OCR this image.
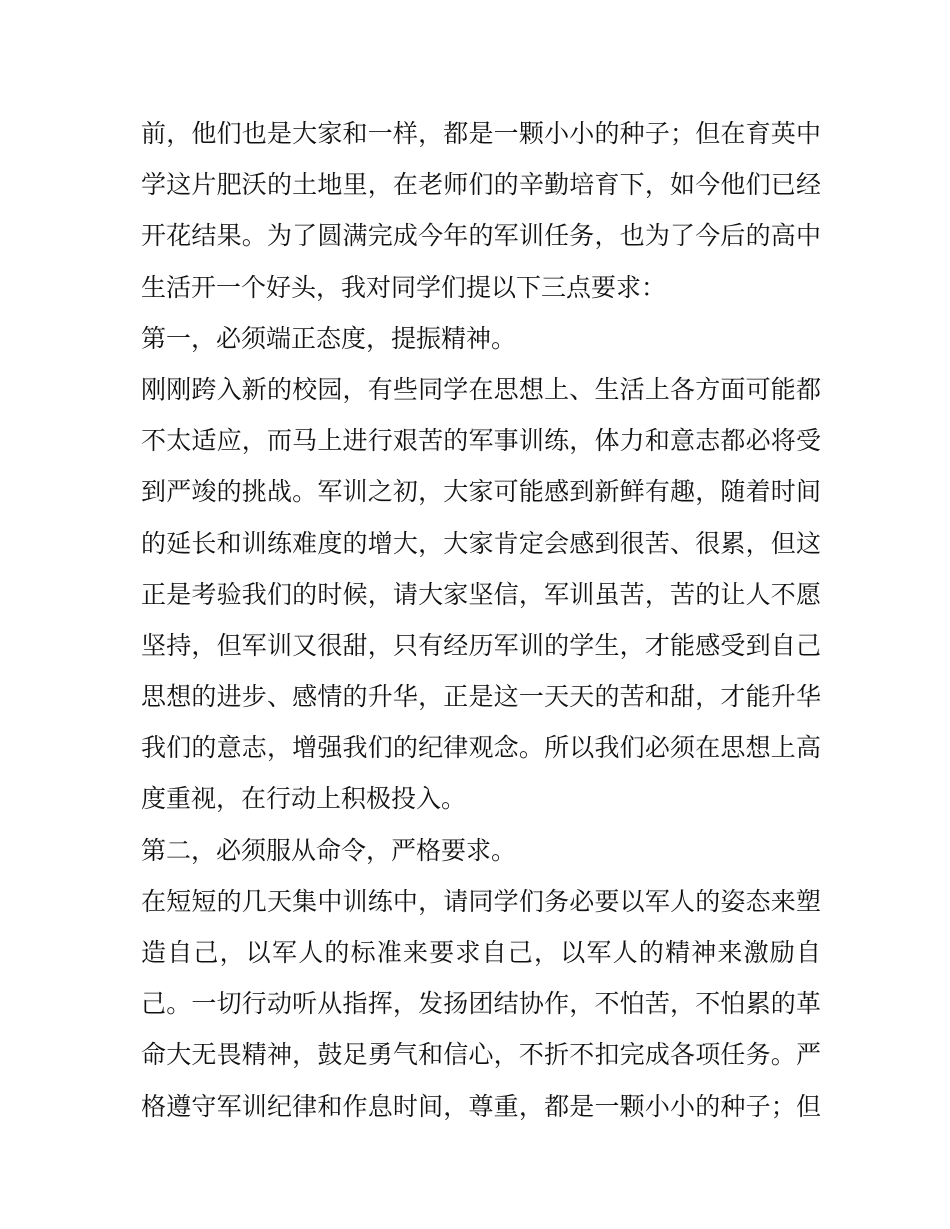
前，他们也是大家和一样，都是一颗小小的种子；但在育英中
学这片肥沃的土地里，在老师们的辛勤培育下，如今他们已经
开花结果。为了圆满完成今年的军训任务，也为了今后的高中
生活开一个好头，我对同学们提以下三点要求：
第一，必须端正态度，提振精神。
刚刚跨入新的校园，有些同学在思想上、生活上各方面可能都
不太适应，而马上进行艰苦的军事训练，体力和意志都必将受
到严竣的挑战。军训之初，大家可能感到新鲜有趣，随着时间
的延长和训练难度的增大，大家肯定会感到很苦、很累，但这
正是考验我们的时候，请大家坚信，军训虽苦，苦的让人不愿
坚持，但军训又很甜，只有经历军训的学生，才能感受到自己
思想的进步、感情的升华，正是这一天天的苦和甜，才能升华
我们的意志，增强我们的纪律观念。所以我们必须在思想上高
度重视，在行动上积极投入。
第二，必须服从命令，严格要求。
在短短的几天集中训练中，请同学们务必要以军人的姿态来塑
造自己，以军人的标准来要求自己，以军人的精神来激励自
己。一切行动听从指挥，发扬团结协作，不怕苦，不怕累的革
命大无畏精神，鼓足勇气和信心，不折不扣完成各项任务。严
格遵守军训纪律和作息时间，尊重，都是一颗小小的种子；但
